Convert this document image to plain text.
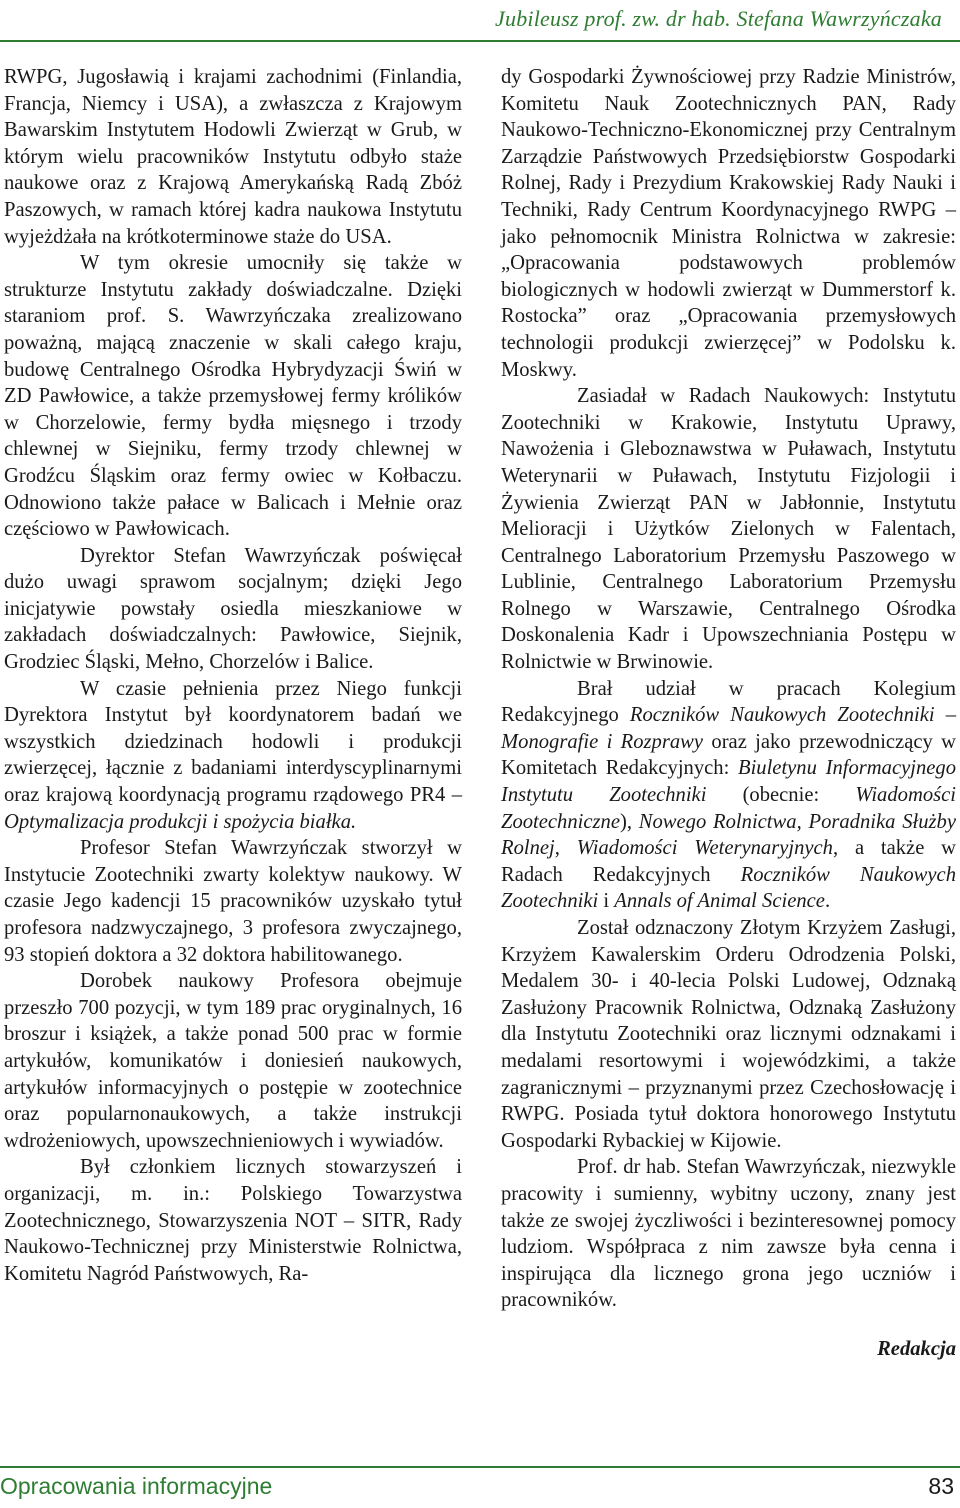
Jubileusz prof. zw. dr hab. Stefana Wawrzyńczaka

RWPG, Jugosławią i krajami zachodnimi (Finlandia, Francja, Niemcy i USA), a zwłaszcza z Krajowym Bawarskim Instytutem Hodowli Zwierząt w Grub, w którym wielu pracowników Instytutu odbyło staże naukowe oraz z Krajową Amerykańską Radą Zbóż Paszowych, w ramach której kadra naukowa Instytutu wyjeżdżała na krótkoterminowe staże do USA.

W tym okresie umocniły się także w strukturze Instytutu zakłady doświadczalne. Dzięki staraniom prof. S. Wawrzyńczaka zrealizowano poważną, mającą znaczenie w skali całego kraju, budowę Centralnego Ośrodka Hybrydyzacji Świń w ZD Pawłowice, a także przemysłowej fermy królików w Chorzelowie, fermy bydła mięsnego i trzody chlewnej w Siejniku, fermy trzody chlewnej w Grodźcu Śląskim oraz fermy owiec w Kołbaczu. Odnowiono także pałace w Balicach i Mełnie oraz częściowo w Pawłowicach.

Dyrektor Stefan Wawrzyńczak poświęcał dużo uwagi sprawom socjalnym; dzięki Jego inicjatywie powstały osiedla mieszkaniowe w zakładach doświadczalnych: Pawłowice, Siejnik, Grodziec Śląski, Mełno, Chorzelów i Balice.

W czasie pełnienia przez Niego funkcji Dyrektora Instytut był koordynatorem badań we wszystkich dziedzinach hodowli i produkcji zwierzęcej, łącznie z badaniami interdyscyplinarnymi oraz krajową koordynacją programu rządowego PR4 – Optymalizacja produkcji i spożycia białka.

Profesor Stefan Wawrzyńczak stworzył w Instytucie Zootechniki zwarty kolektyw naukowy. W czasie Jego kadencji 15 pracowników uzyskało tytuł profesora nadzwyczajnego, 3 profesora zwyczajnego, 93 stopień doktora a 32 doktora habilitowanego.

Dorobek naukowy Profesora obejmuje przeszło 700 pozycji, w tym 189 prac oryginalnych, 16 broszur i książek, a także ponad 500 prac w formie artykułów, komunikatów i doniesień naukowych, artykułów informacyjnych o postępie w zootechnice oraz popularnonaukowych, a także instrukcji wdrożeniowych, upowszechnieniowych i wywiadów.

Był członkiem licznych stowarzyszeń i organizacji, m. in.: Polskiego Towarzystwa Zootechnicznego, Stowarzyszenia NOT – SITR, Rady Naukowo-Technicznej przy Ministerstwie Rolnictwa, Komitetu Nagród Państwowych, Ra-

dy Gospodarki Żywnościowej przy Radzie Ministrów, Komitetu Nauk Zootechnicznych PAN, Rady Naukowo-Techniczno-Ekonomicznej przy Centralnym Zarządzie Państwowych Przedsiębiorstw Gospodarki Rolnej, Rady i Prezydium Krakowskiej Rady Nauki i Techniki, Rady Centrum Koordynacyjnego RWPG – jako pełnomocnik Ministra Rolnictwa w zakresie: „Opracowania podstawowych problemów biologicznych w hodowli zwierząt w Dummerstorf k. Rostocka” oraz „Opracowania przemysłowych technologii produkcji zwierzęcej” w Podolsku k. Moskwy.

Zasiadał w Radach Naukowych: Instytutu Zootechniki w Krakowie, Instytutu Uprawy, Nawożenia i Gleboznawstwa w Puławach, Instytutu Weterynarii w Puławach, Instytutu Fizjologii i Żywienia Zwierząt PAN w Jabłonnie, Instytutu Melioracji i Użytków Zielonych w Falentach, Centralnego Laboratorium Przemysłu Paszowego w Lublinie, Centralnego Laboratorium Przemysłu Rolnego w Warszawie, Centralnego Ośrodka Doskonalenia Kadr i Upowszechniania Postępu w Rolnictwie w Brwinowie.

Brał udział w pracach Kolegium Redakcyjnego Roczników Naukowych Zootechniki – Monografie i Rozprawy oraz jako przewodniczący w Komitetach Redakcyjnych: Biuletynu Informacyjnego Instytutu Zootechniki (obecnie: Wiadomości Zootechniczne), Nowego Rolnictwa, Poradnika Służby Rolnej, Wiadomości Weterynaryjnych, a także w Radach Redakcyjnych Roczników Naukowych Zootechniki i Annals of Animal Science.

Został odznaczony Złotym Krzyżem Zasługi, Krzyżem Kawalerskim Orderu Odrodzenia Polski, Medalem 30- i 40-lecia Polski Ludowej, Odznaką Zasłużony Pracownik Rolnictwa, Odznaką Zasłużony dla Instytutu Zootechniki oraz licznymi odznakami i medalami resortowymi i wojewódzkimi, a także zagranicznymi – przyznanymi przez Czechosłowację i RWPG. Posiada tytuł doktora honorowego Instytutu Gospodarki Rybackiej w Kijowie.

Prof. dr hab. Stefan Wawrzyńczak, niezwykle pracowity i sumienny, wybitny uczony, znany jest także ze swojej życzliwości i bezinteresownej pomocy ludziom. Współpraca z nim zawsze była cenna i inspirująca dla licznego grona jego uczniów i pracowników.

Redakcja

Opracowania informacyjne	83
